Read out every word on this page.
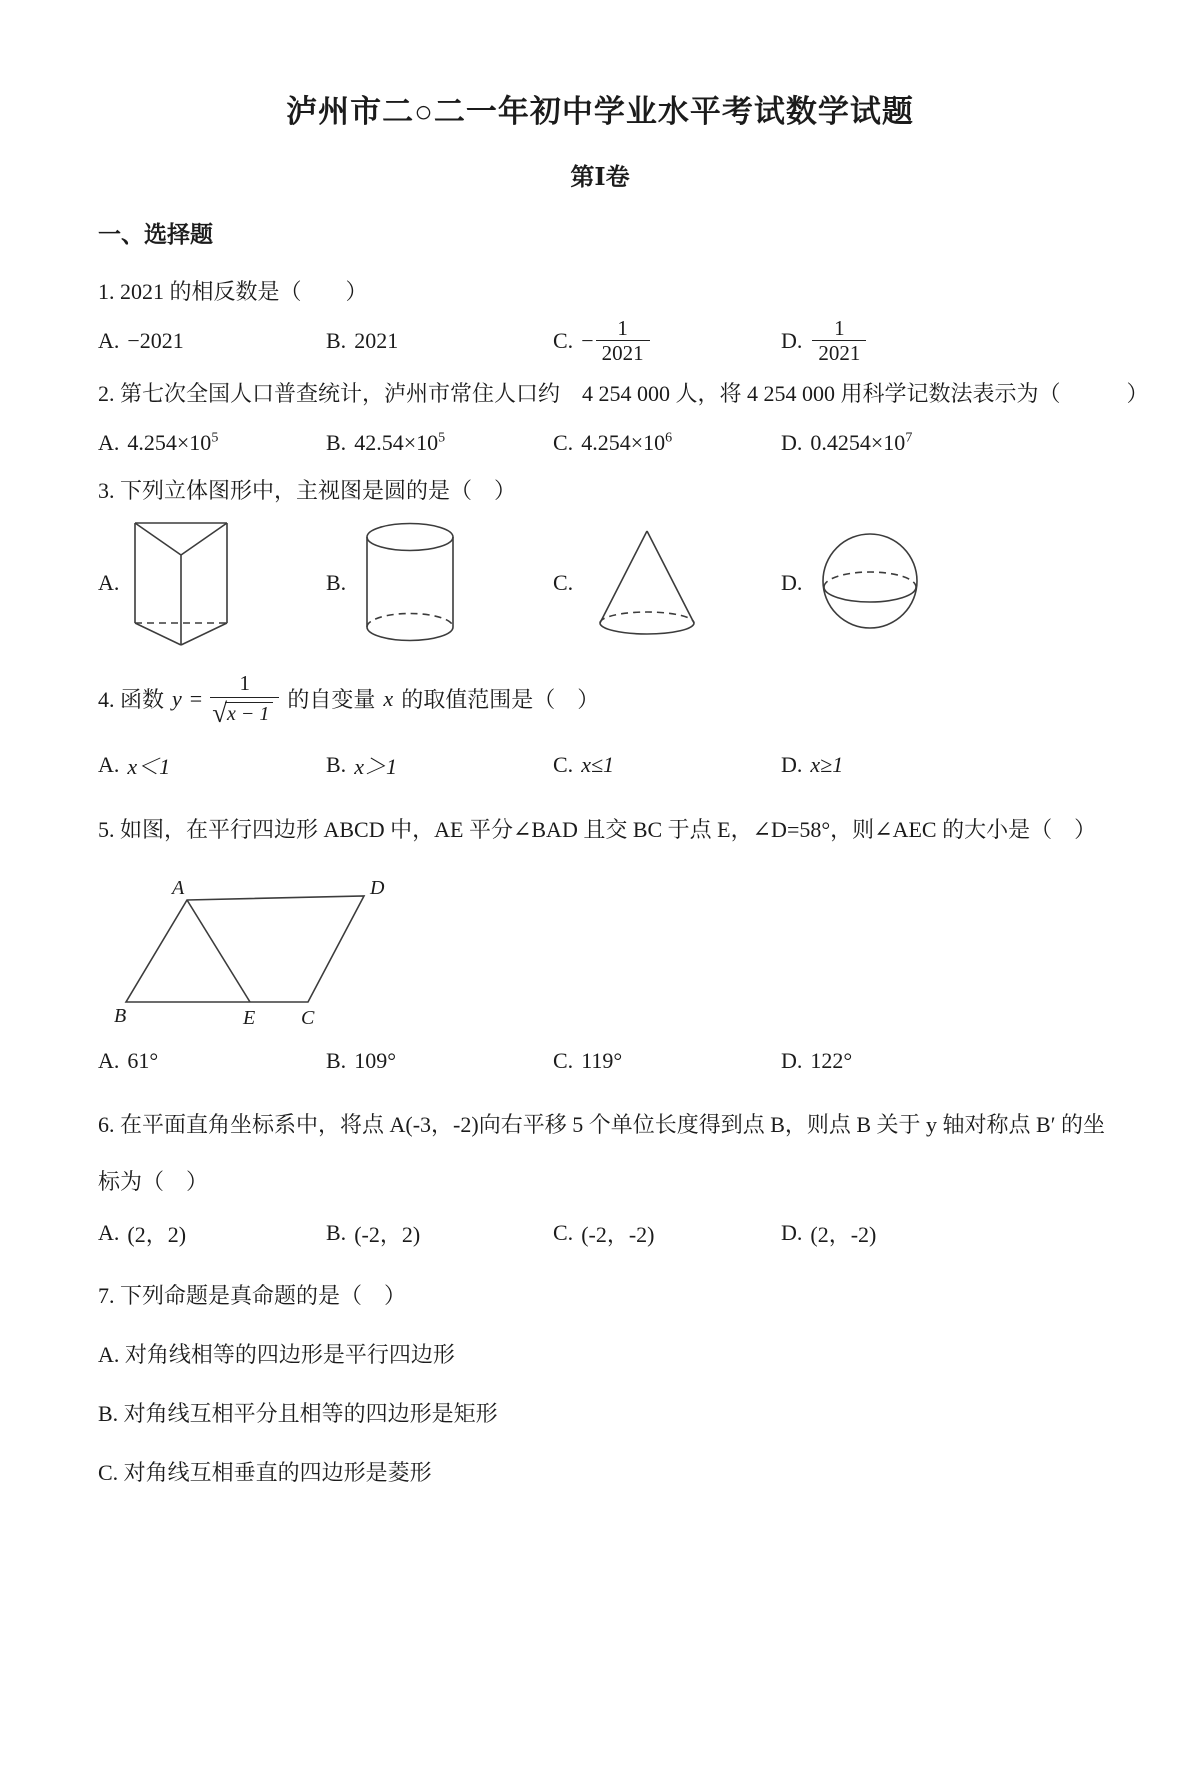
泸州市二○二一年初中学业水平考试数学试题
第Ⅰ卷
一、选择题
1. 2021 的相反数是（　　）
A. −2021	B. 2021	C. − $\frac{1}{2021}$	D. $\frac{1}{2021}$
2. 第七次全国人口普查统计，泸州市常住人口约　4 254 000 人，将 4 254 000 用科学记数法表示为（　　　）
A. $4.254\times 10^5$	B. $42.54\times 10^5$	C. $4.254\times 10^6$	D. $0.4254\times 10^7$
3. 下列立体图形中，主视图是圆的是（　）
A.	B.	C.	D.
4. 函数 $y = \frac{1}{√ x - 1}$ 的自变量 x 的取值范围是（　）
A. x＜1	B. x＞1	C. x≤1	D. x≥1
5. 如图，在平行四边形 ABCD 中，AE 平分∠BAD 且交 BC 于点 E，∠D=58°，则∠AEC 的大小是（　）
A	D
B	E C
A. 61°	B. 109°	C. 119°	D. 122°
6. 在平面直角坐标系中，将点 A(-3，-2)向右平移 5 个单位长度得到点 B，则点 B 关于 y 轴对称点 B′ 的坐
标为（　）
A. (2，2)	B. (-2，2)	C. (-2，-2)	D. (2，-2)
7. 下列命题是真命题的是（　）
A. 对角线相等的四边形是平行四边形
B. 对角线互相平分且相等的四边形是矩形
C. 对角线互相垂直的四边形是菱形
